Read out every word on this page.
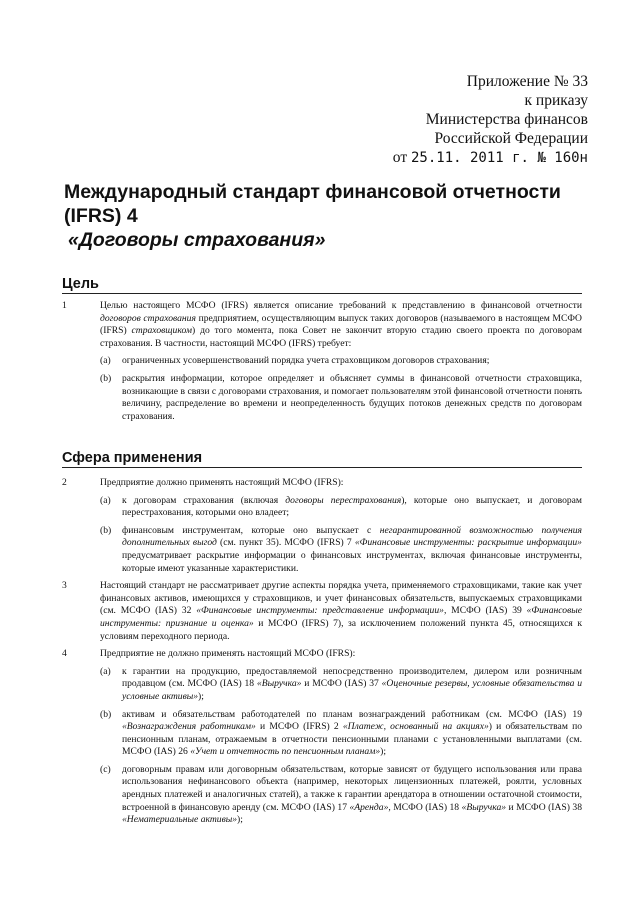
Приложение № 33
к приказу
Министерства финансов
Российской Федерации
от 25.11. 2011 г. № 160н
Международный стандарт финансовой отчетности (IFRS) 4
«Договоры страхования»
Цель
1	Целью настоящего МСФО (IFRS) является описание требований к представлению в финансовой отчетности договоров страхования предприятием, осуществляющим выпуск таких договоров (называемого в настоящем МСФО (IFRS) страховщиком) до того момента, пока Совет не закончит вторую стадию своего проекта по договорам страхования. В частности, настоящий МСФО (IFRS) требует:
(a) ограниченных усовершенствований порядка учета страховщиком договоров страхования;
(b) раскрытия информации, которое определяет и объясняет суммы в финансовой отчетности страховщика, возникающие в связи с договорами страхования, и помогает пользователям этой финансовой отчетности понять величину, распределение во времени и неопределенность будущих потоков денежных средств по договорам страхования.
Сфера применения
2	Предприятие должно применять настоящий МСФО (IFRS):
(a) к договорам страхования (включая договоры перестрахования), которые оно выпускает, и договорам перестрахования, которыми оно владеет;
(b) финансовым инструментам, которые оно выпускает с негарантированной возможностью получения дополнительных выгод (см. пункт 35). МСФО (IFRS) 7 «Финансовые инструменты: раскрытие информации» предусматривает раскрытие информации о финансовых инструментах, включая финансовые инструменты, которые имеют указанные характеристики.
3	Настоящий стандарт не рассматривает другие аспекты порядка учета, применяемого страховщиками, такие как учет финансовых активов, имеющихся у страховщиков, и учет финансовых обязательств, выпускаемых страховщиками (см. МСФО (IAS) 32 «Финансовые инструменты: представление информации», МСФО (IAS) 39 «Финансовые инструменты: признание и оценка» и МСФО (IFRS) 7), за исключением положений пункта 45, относящихся к условиям переходного периода.
4	Предприятие не должно применять настоящий МСФО (IFRS):
(a) к гарантии на продукцию, предоставляемой непосредственно производителем, дилером или розничным продавцом (см. МСФО (IAS) 18 «Выручка» и МСФО (IAS) 37 «Оценочные резервы, условные обязательства и условные активы»);
(b) активам и обязательствам работодателей по планам вознаграждений работникам (см. МСФО (IAS) 19 «Вознаграждения работникам» и МСФО (IFRS) 2 «Платеж, основанный на акциях») и обязательствам по пенсионным планам, отражаемым в отчетности пенсионными планами с установленными выплатами (см. МСФО (IAS) 26 «Учет и отчетность по пенсионным планам»);
(c) договорным правам или договорным обязательствам, которые зависят от будущего использования или права использования нефинансового объекта (например, некоторых лицензионных платежей, роялти, условных арендных платежей и аналогичных статей), а также к гарантии арендатора в отношении остаточной стоимости, встроенной в финансовую аренду (см. МСФО (IAS) 17 «Аренда», МСФО (IAS) 18 «Выручка» и МСФО (IAS) 38 «Нематериальные активы»);
